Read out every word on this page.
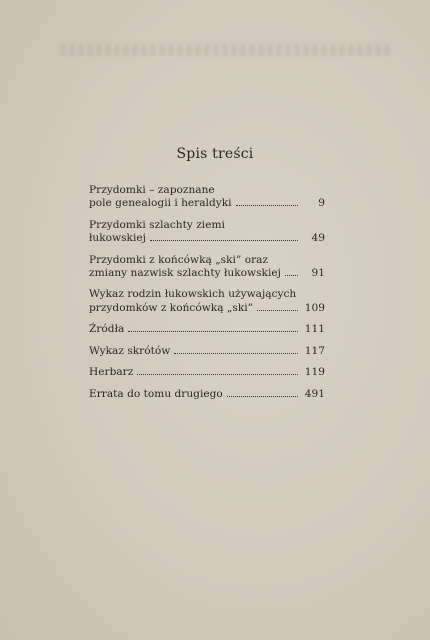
Spis treści
Przydomki – zapoznane
pole genealogii i heraldyki	9
Przydomki szlachty ziemi
łukowskiej	49
Przydomki z końcówką „ski” oraz
zmiany nazwisk szlachty łukowskiej	91
Wykaz rodzin łukowskich używających
przydomków z końcówką „ski”	109
Źródła	111
Wykaz skrótów	117
Herbarz	119
Errata do tomu drugiego	491
